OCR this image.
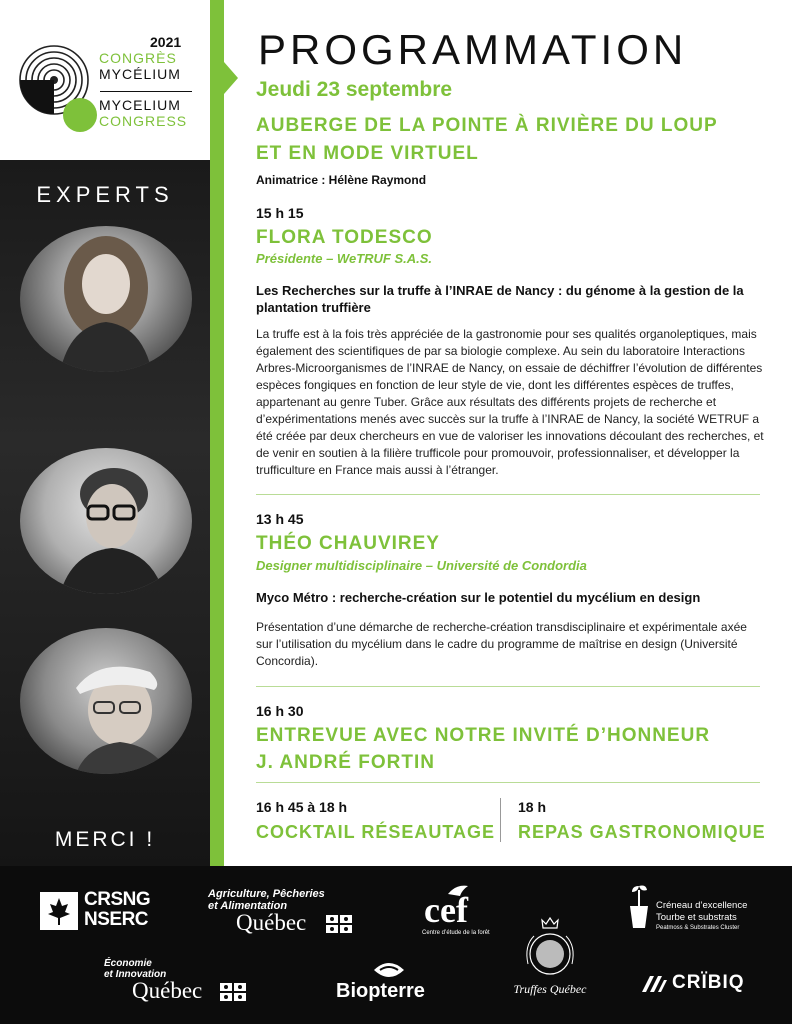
2021
CONGRÈS
MYCÉLIUM
MYCELIUM
CONGRESS
EXPERTS
MERCI !
PROGRAMMATION
Jeudi 23 septembre
AUBERGE DE LA POINTE À RIVIÈRE DU LOUP
ET EN MODE VIRTUEL
Animatrice : Hélène Raymond
15 h 15
FLORA TODESCO
Présidente – WeTRUF S.A.S.
Les Recherches sur la truffe à l’INRAE de Nancy : du génome à la gestion de la plantation truffière
La truffe est à la fois très appréciée de la gastronomie pour ses qualités organoleptiques, mais également des scientifiques de par sa biologie complexe. Au sein du laboratoire Interactions Arbres-Microorganismes de l’INRAE de Nancy, on essaie de déchiffrer l’évolution de différentes espèces fongiques en fonction de leur style de vie, dont les différentes espèces de truffes, appartenant au genre Tuber. Grâce aux résultats des différents projets de recherche et d’expérimentations menés avec succès sur la truffe à l’INRAE de Nancy, la société WETRUF a été créée par deux chercheurs en vue de valoriser les innovations découlant des recherches, et de venir en soutien à la filière trufficole pour promouvoir, professionnaliser, et développer la trufficulture en France mais aussi à l’étranger.
13 h 45
THÉO CHAUVIREY
Designer multidisciplinaire – Université de Condordia
Myco Métro : recherche-création sur le potentiel du mycélium en design
Présentation d’une démarche de recherche-création transdisciplinaire et expérimentale axée sur l’utilisation du mycélium dans le cadre du programme de maîtrise en design (Université Concordia).
16 h 30
ENTREVUE AVEC NOTRE INVITÉ D’HONNEUR
J. ANDRÉ FORTIN
16 h 45 à 18 h
COCKTAIL RÉSEAUTAGE
18 h
REPAS GASTRONOMIQUE
CRSNG
NSERC
Agriculture, Pêcheries
et Alimentation
Québec	cef
Centre d’étude de la forêt
Créneau d’excellence
Tourbe et substrats
Peatmoss & Substrates Cluster
Économie
et Innovation
Québec	Biopterre	Truffes Québec	CRÏBIQ
